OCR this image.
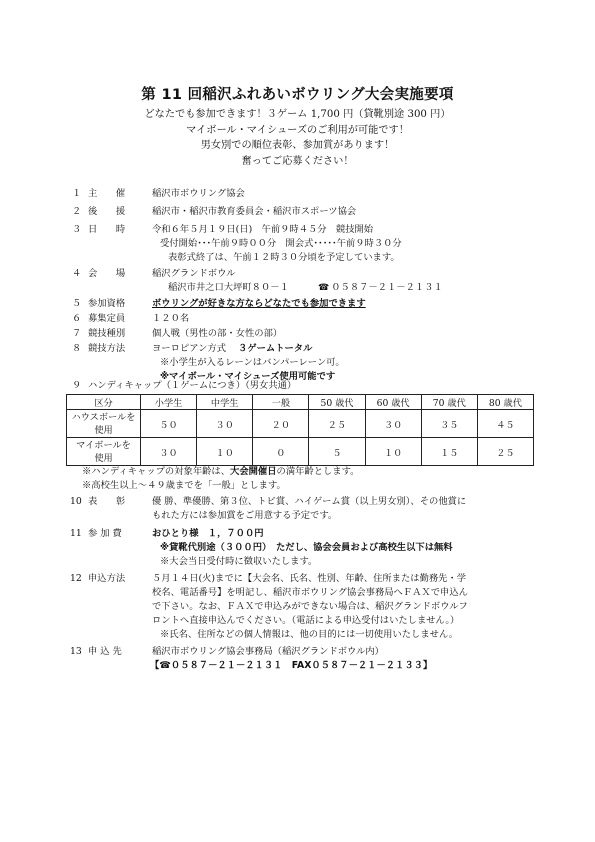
第 11 回稲沢ふれあいボウリング大会実施要項
どなたでも参加できます！３ゲーム 1,700 円（貸靴別途 300 円）
マイボール・マイシューズのご利用が可能です！
男女別での順位表彰、参加賞があります！
奮ってご応募ください！
１ 主　　催	稲沢市ボウリング協会
２ 後　　援	稲沢市・稲沢市教育委員会・稲沢市スポーツ協会
３ 日　　時	令和６年５月１９日(日)　午前９時４５分　競技開始
受付開始･･･午前９時００分　開会式･････午前９時３０分
表彰式終了は、午前１２時３０分頃を予定しています。
４ 会　　場	稲沢グランドボウル
稲沢市井之口大坪町８０－１	☎ ０５８７－２１－２１３１
５ 参加資格	ボウリングが好きな方ならどなたでも参加できます
６ 募集定員	１２０名
７ 競技種別	個人戦（男性の部・女性の部）
８ 競技方法	ヨーロピアン方式 ３ゲームトータル
※小学生が入るレーンはバンパーレーン可。
※マイボール・マイシューズ使用可能です
９ ハンディキャップ（１ゲームにつき）（男女共通）
区分	小学生	中学生	一般	50 歳代	60 歳代	70 歳代	80 歳代

ハウスボールを
使用	５０	３０	２０	２５	３０	３５	４５

マイボールを
使用	３０	１０	０	５	１０	１５	２５
※ハンディキャップの対象年齢は、大会開催日の満年齢とします。
※高校生以上～４９歳までを「一般」とします。
10 表　　彰	優 勝、準優勝、第３位、トビ賞、ハイゲーム賞（以上男女別）、その他賞に
もれた方には参加賞をご用意する予定です。
11 参 加 費	おひとり様　１，７００円
※貸靴代別途（３００円）　ただし、協会会員および高校生以下は無料
※大会当日受付時に徴収いたします。
12 申込方法	５月１４日(火)までに【大会名、氏名、性別、年齢、住所または勤務先・学
校名、電話番号】を明記し、稲沢市ボウリング協会事務局へＦＡＸで申込ん
で下さい。なお、ＦＡＸで申込みができない場合は、稲沢グランドボウルフ
ロントへ直接申込んでください。（電話による申込受付はいたしません。）
※氏名、住所などの個人情報は、他の目的には一切使用いたしません。
13 申 込 先	稲沢市ボウリング協会事務局（稲沢グランドボウル内）
【☎０５８７－２１－２１３１　FAX０５８７－２１－２１３３】
